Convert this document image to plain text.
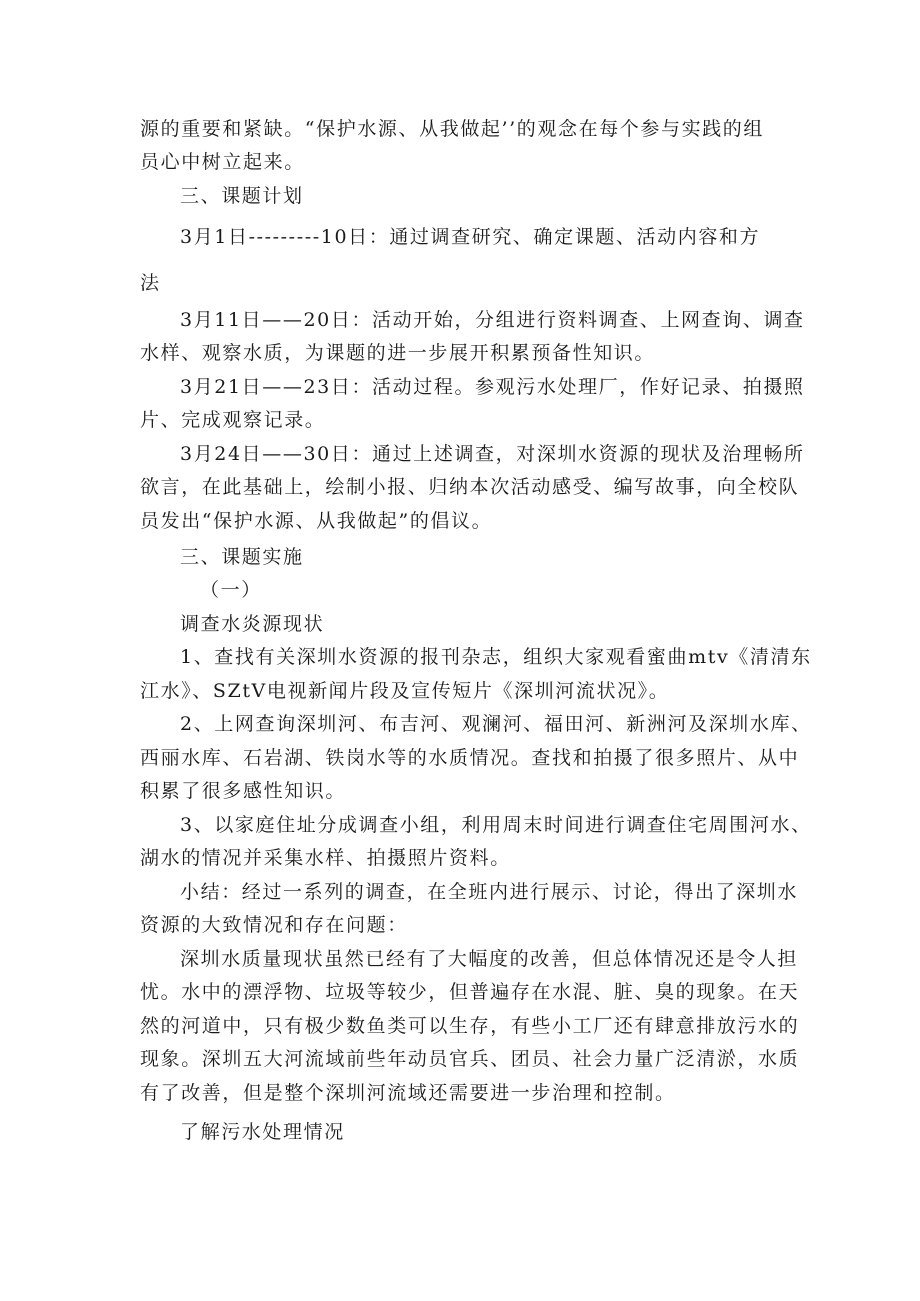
源的重要和紧缺。“保护水源、从我做起’’的观念在每个参与实践的组
员心中树立起来。
三、课题计划
3月1日---------10日：通过调查研究、确定课题、活动内容和方
法
3月11日——20日：活动开始，分组进行资料调查、上网查询、调查
水样、观察水质，为课题的进一步展开积累预备性知识。
3月21日——23日：活动过程。参观污水处理厂，作好记录、拍摄照
片、完成观察记录。
3月24日——30日：通过上述调查，对深圳水资源的现状及治理畅所
欲言，在此基础上，绘制小报、归纳本次活动感受、编写故事，向全校队
员发出“保护水源、从我做起”的倡议。
三、课题实施
（一）
调查水炎源现状
1、查找有关深圳水资源的报刊杂志，组织大家观看蜜曲mtv《清清东
江水》、SZtV电视新闻片段及宣传短片《深圳河流状况》。
2、上网查询深圳河、布吉河、观澜河、福田河、新洲河及深圳水库、
西丽水库、石岩湖、铁岗水等的水质情况。查找和拍摄了很多照片、从中
积累了很多感性知识。
3、以家庭住址分成调查小组，利用周末时间进行调查住宅周围河水、
湖水的情况并采集水样、拍摄照片资料。
小结：经过一系列的调查，在全班内进行展示、讨论，得出了深圳水
资源的大致情况和存在问题：
深圳水质量现状虽然已经有了大幅度的改善，但总体情况还是令人担
忧。水中的漂浮物、垃圾等较少，但普遍存在水混、脏、臭的现象。在天
然的河道中，只有极少数鱼类可以生存，有些小工厂还有肆意排放污水的
现象。深圳五大河流域前些年动员官兵、团员、社会力量广泛清淤，水质
有了改善，但是整个深圳河流域还需要进一步治理和控制。
了解污水处理情况
